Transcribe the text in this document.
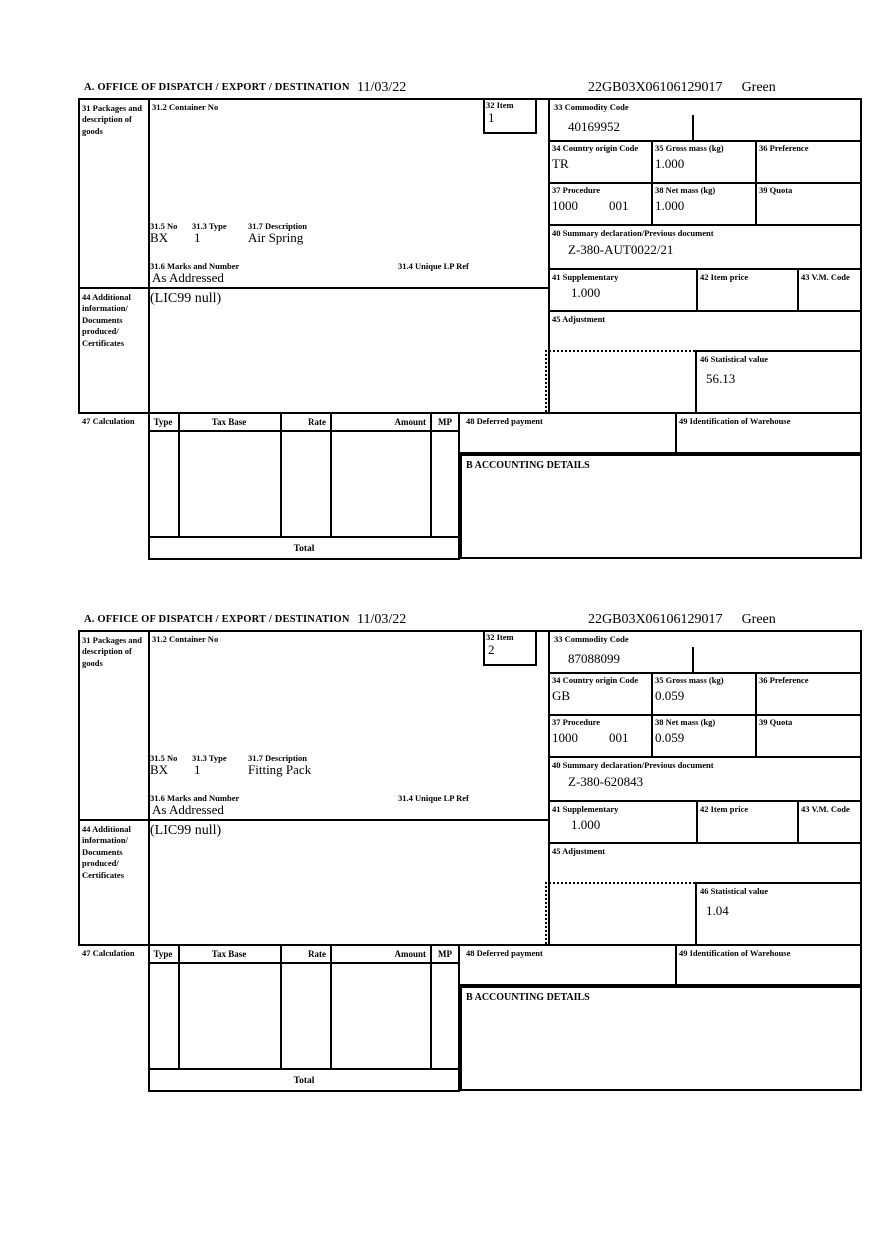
A. OFFICE OF DISPATCH / EXPORT / DESTINATION 11/03/22	22GB03X06106129017 Green
31 Packages and description of goods
44 Additional information/ Documents produced/ Certificates
47 Calculation
31.2 Container No	32 Item
1
31.5 No 31.3 Type	31.7 Description
BX 1	Air Spring
31.6 Marks and Number	31.4 Unique LP Ref
As Addressed
(LIC99 null)
33 Commodity Code
40169952
34 Country origin Code
TR
35 Gross mass (kg)
1.000
36 Preference
37 Procedure
1000 001
38 Net mass (kg)
1.000
39 Quota
40 Summary declaration/Previous document
Z-380-AUT0022/21
41 Supplementary
1.000
42 Item price	43 V.M. Code
45 Adjustment
46 Statistical value
56.13
Type	Tax Base	Rate	Amount	MP
Total
48 Deferred payment	49 Identification of Warehouse
B ACCOUNTING DETAILS
A. OFFICE OF DISPATCH / EXPORT / DESTINATION 11/03/22	22GB03X06106129017 Green
31 Packages and description of goods
44 Additional information/ Documents produced/ Certificates
47 Calculation
31.2 Container No	32 Item
2
31.5 No 31.3 Type	31.7 Description
BX 1	Fitting Pack
31.6 Marks and Number	31.4 Unique LP Ref
As Addressed
(LIC99 null)
33 Commodity Code
87088099
34 Country origin Code
GB
35 Gross mass (kg)
0.059
36 Preference
37 Procedure
1000 001
38 Net mass (kg)
0.059
39 Quota
40 Summary declaration/Previous document
Z-380-620843
41 Supplementary
1.000
42 Item price	43 V.M. Code
45 Adjustment
46 Statistical value
1.04
Type	Tax Base	Rate	Amount	MP
Total
48 Deferred payment	49 Identification of Warehouse
B ACCOUNTING DETAILS
